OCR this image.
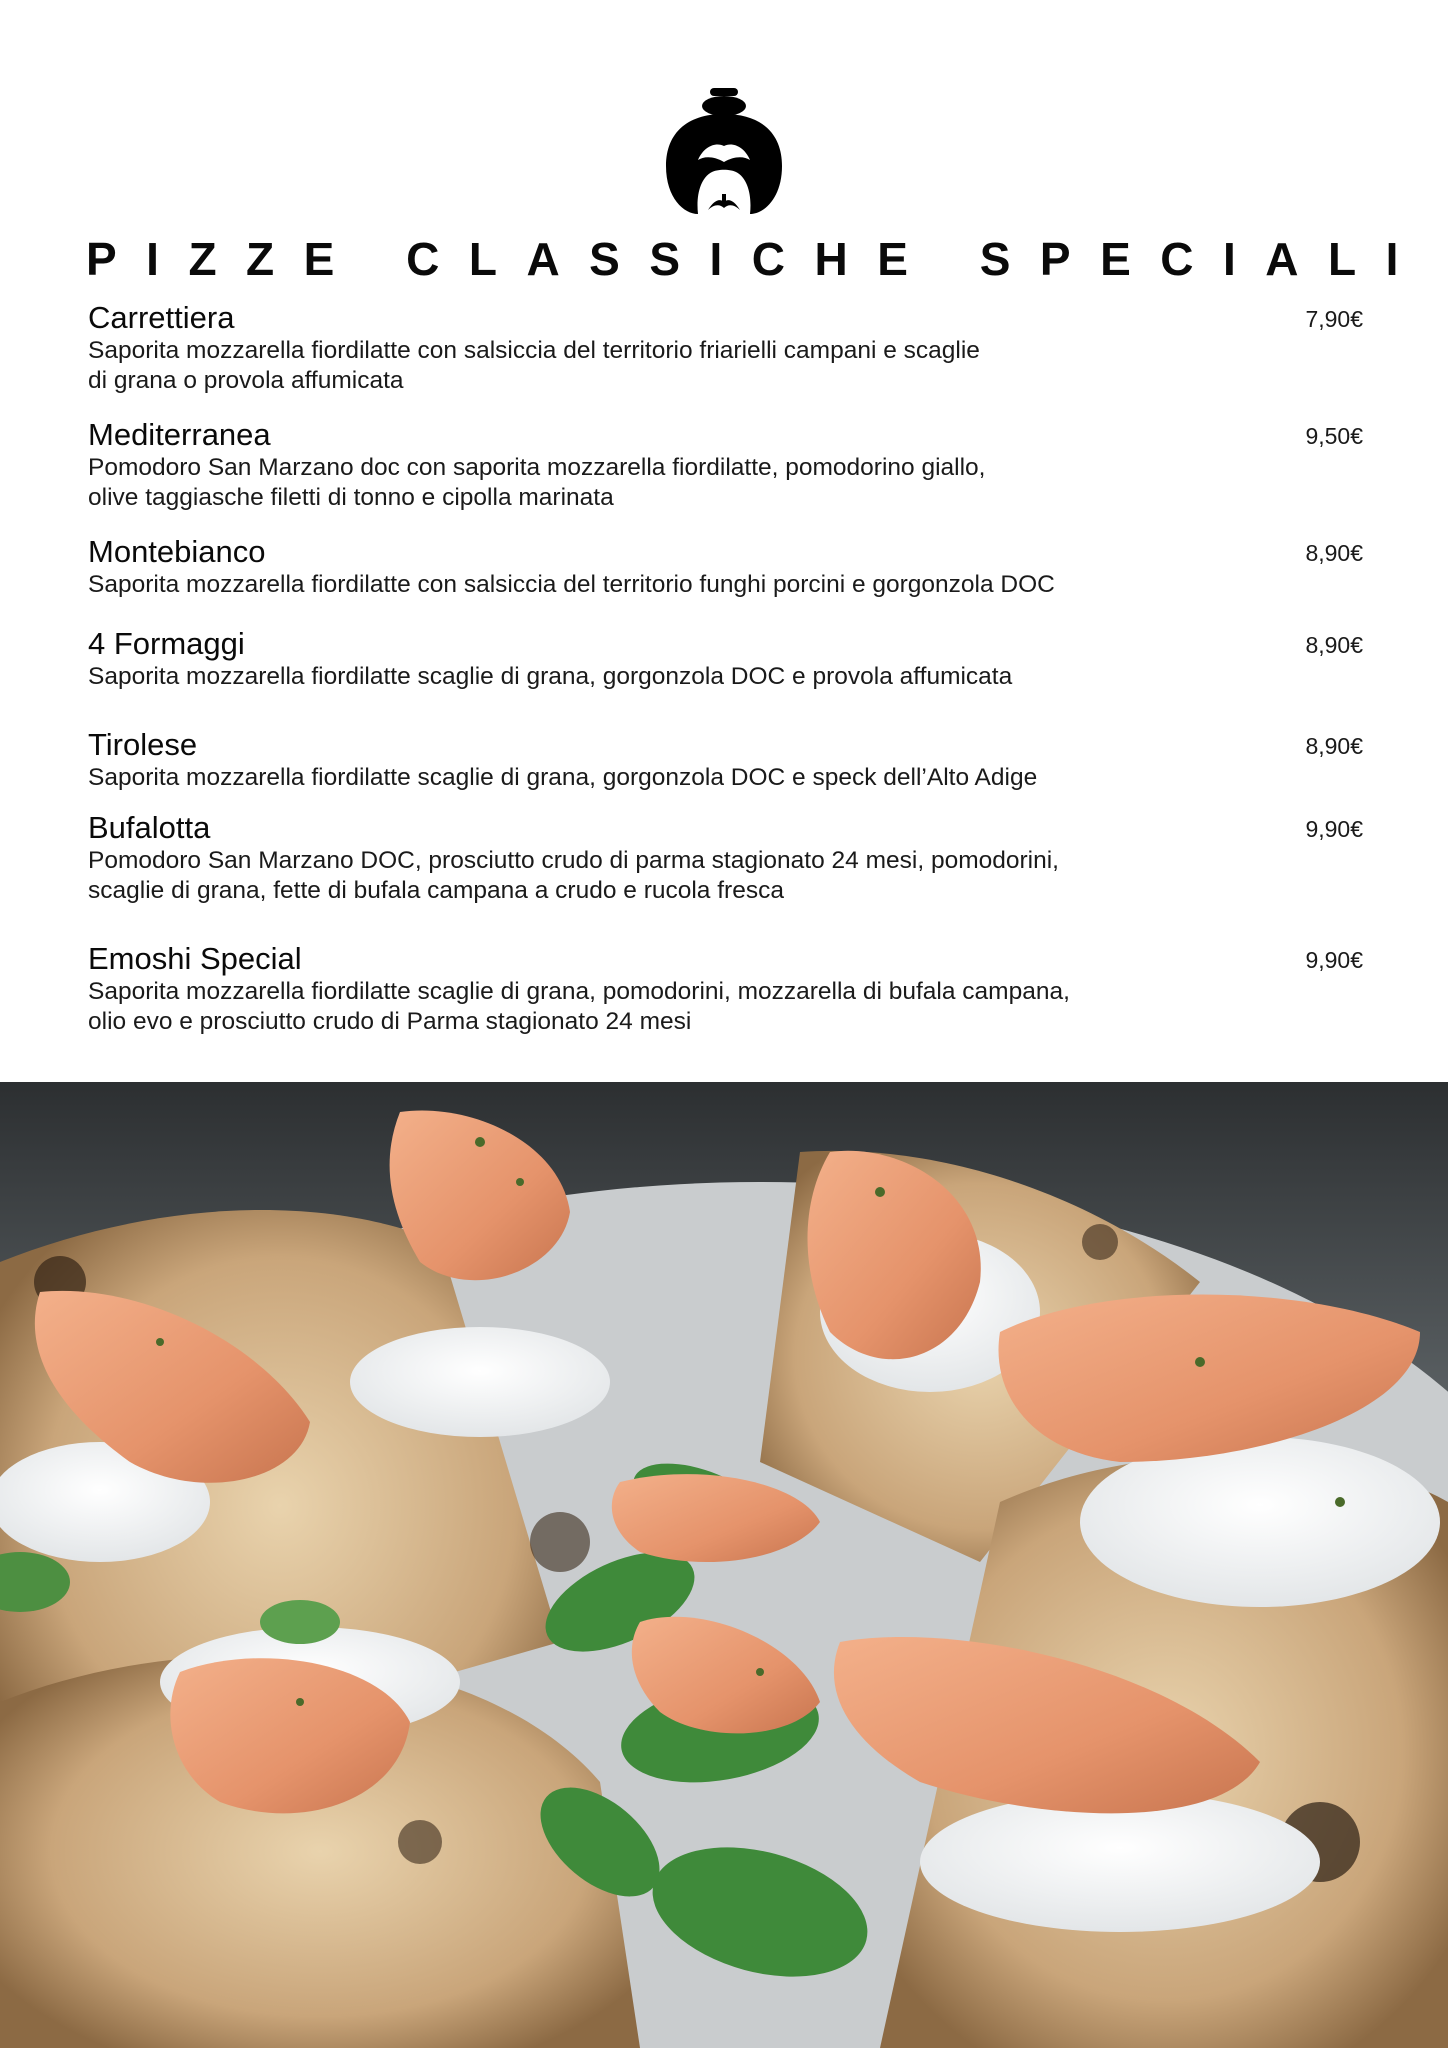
PIZZE CLASSICHE SPECIALI
Carrettiera
Saporita mozzarella fiordilatte con salsiccia del territorio friarielli campani e scaglie
di grana o provola affumicata
7,90€
Mediterranea
Pomodoro San Marzano doc con saporita mozzarella fiordilatte, pomodorino giallo,
olive taggiasche filetti di tonno e cipolla marinata
9,50€
Montebianco
Saporita mozzarella fiordilatte con salsiccia del territorio funghi porcini e gorgonzola DOC
8,90€
4 Formaggi
Saporita mozzarella fiordilatte scaglie di grana, gorgonzola DOC e provola affumicata
8,90€
Tirolese
Saporita mozzarella fiordilatte scaglie di grana, gorgonzola DOC e speck dell’Alto Adige
8,90€
Bufalotta
Pomodoro San Marzano DOC, prosciutto crudo di parma stagionato 24 mesi, pomodorini,
scaglie di grana, fette di bufala campana a crudo e rucola fresca
9,90€
Emoshi Special
Saporita mozzarella fiordilatte scaglie di grana, pomodorini, mozzarella di bufala campana,
olio evo e prosciutto crudo di Parma stagionato 24 mesi
9,90€
